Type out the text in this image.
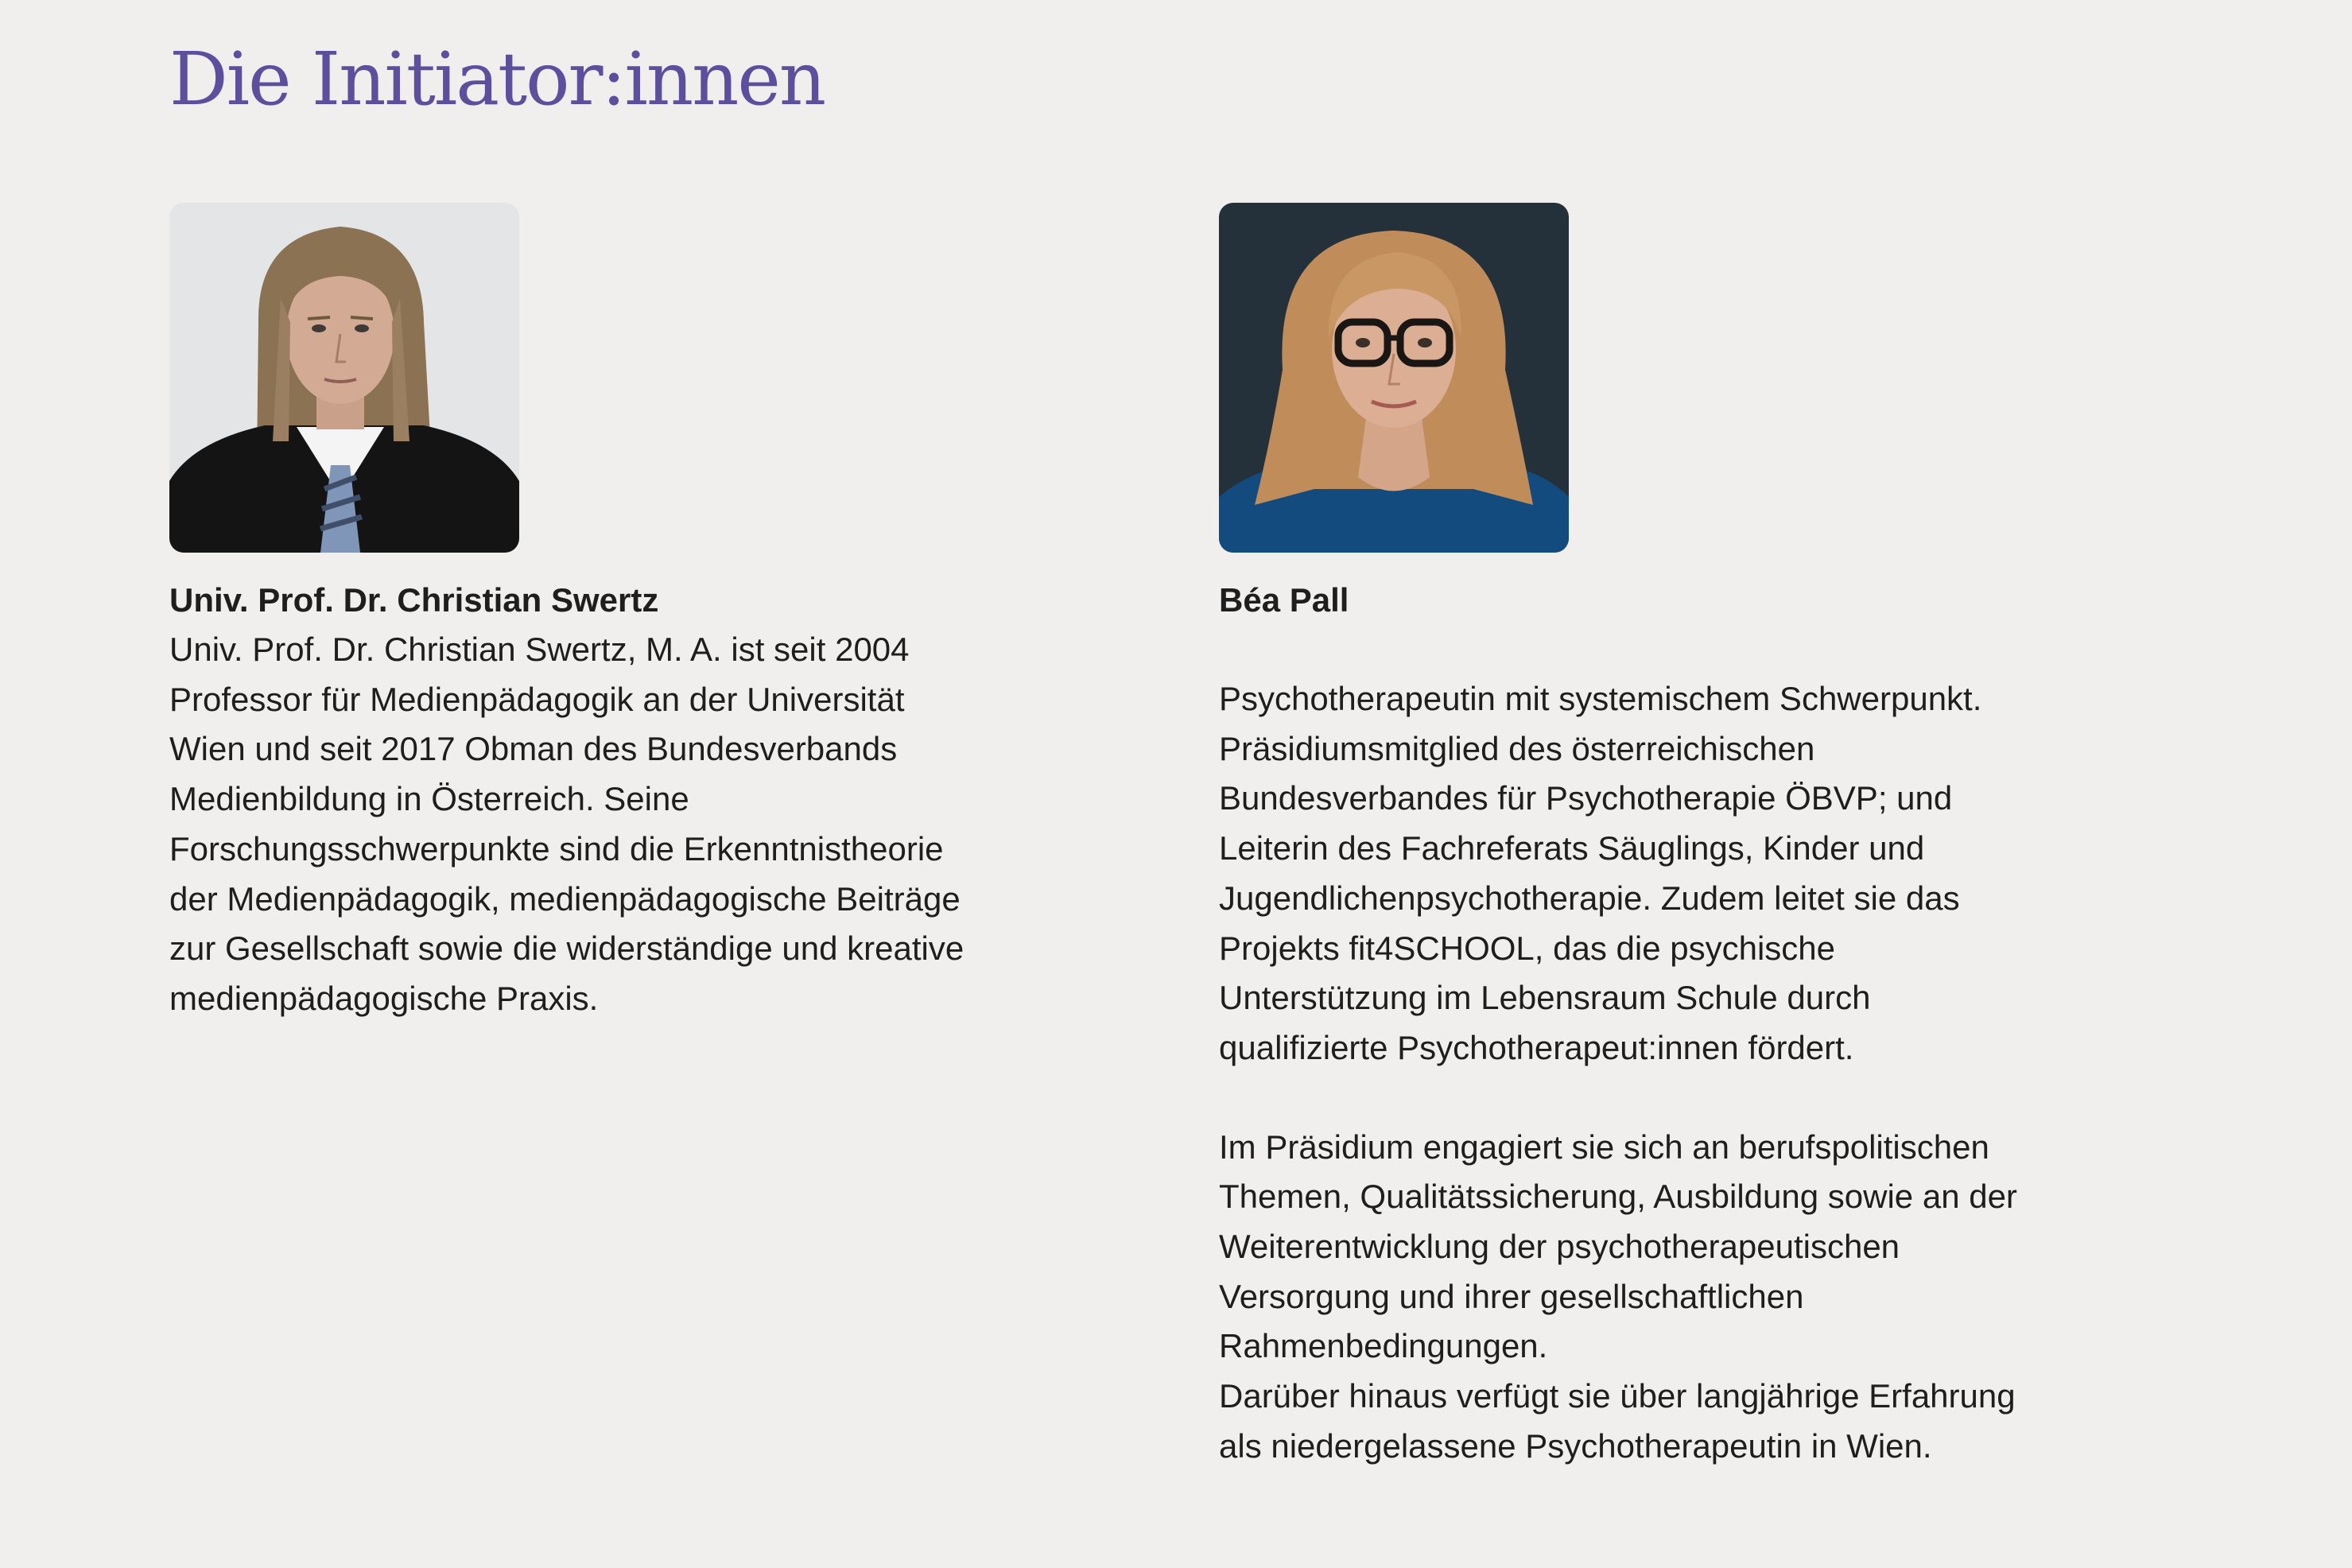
Die Initiator:innen

Univ. Prof. Dr. Christian Swertz

Univ. Prof. Dr. Christian Swertz, M. A. ist seit 2004
Professor für Medienpädagogik an der Universität
Wien und seit 2017 Obman des Bundesverbands
Medienbildung in Österreich. Seine
Forschungsschwerpunkte sind die Erkenntnistheorie
der Medienpädagogik, medienpädagogische Beiträge
zur Gesellschaft sowie die widerständige und kreative
medienpädagogische Praxis.

Béa Pall

Psychotherapeutin mit systemischem Schwerpunkt.
Präsidiumsmitglied des österreichischen
Bundesverbandes für Psychotherapie ÖBVP; und
Leiterin des Fachreferats Säuglings, Kinder und
Jugendlichenpsychotherapie. Zudem leitet sie das
Projekts fit4SCHOOL, das die psychische
Unterstützung im Lebensraum Schule durch
qualifizierte Psychotherapeut:innen fördert.

Im Präsidium engagiert sie sich an berufspolitischen
Themen, Qualitätssicherung, Ausbildung sowie an der
Weiterentwicklung der psychotherapeutischen
Versorgung und ihrer gesellschaftlichen
Rahmenbedingungen.
Darüber hinaus verfügt sie über langjährige Erfahrung
als niedergelassene Psychotherapeutin in Wien.
